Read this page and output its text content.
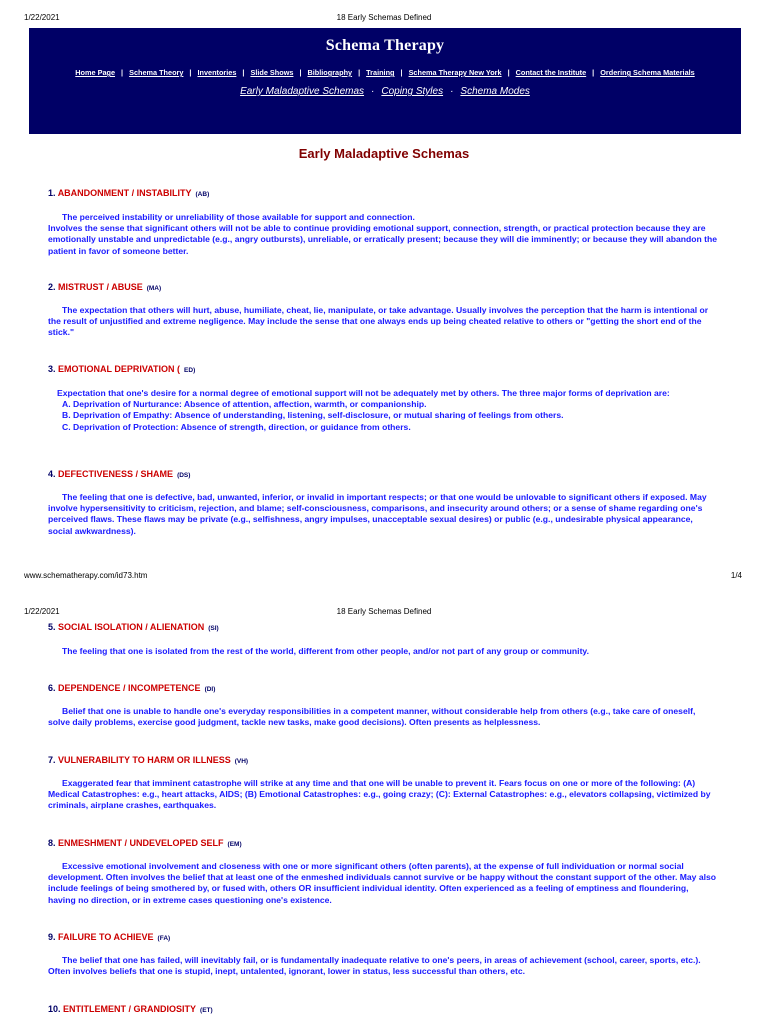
1/22/2021	18 Early Schemas Defined
Schema Therapy
Home Page | Schema Theory | Inventories | Slide Shows | Bibliography | Training | Schema Therapy New York | Contact the Institute | Ordering Schema Materials
Early Maladaptive Schemas · Coping Styles · Schema Modes
Early Maladaptive Schemas
1. ABANDONMENT / INSTABILITY (AB)

The perceived instability or unreliability of those available for support and connection.

Involves the sense that significant others will not be able to continue providing emotional support, connection, strength, or practical protection because they are emotionally unstable and unpredictable (e.g., angry outbursts), unreliable, or erratically present; because they will die imminently; or because they will abandon the patient in favor of someone better.

2. MISTRUST / ABUSE (MA)

The expectation that others will hurt, abuse, humiliate, cheat, lie, manipulate, or take advantage. Usually involves the perception that the harm is intentional or the result of unjustified and extreme negligence. May include the sense that one always ends up being cheated relative to others or "getting the short end of the stick."

3. EMOTIONAL DEPRIVATION ( ED)

Expectation that one's desire for a normal degree of emotional support will not be adequately met by others. The three major forms of deprivation are:

A. Deprivation of Nurturance: Absence of attention, affection, warmth, or companionship.

B. Deprivation of Empathy: Absence of understanding, listening, self-disclosure, or mutual sharing of feelings from others.

C. Deprivation of Protection: Absence of strength, direction, or guidance from others.

4. DEFECTIVENESS / SHAME (DS)

The feeling that one is defective, bad, unwanted, inferior, or invalid in important respects; or that one would be unlovable to significant others if exposed. May involve hypersensitivity to criticism, rejection, and blame; self-consciousness, comparisons, and insecurity around others; or a sense of shame regarding one's perceived flaws. These flaws may be private (e.g., selfishness, angry impulses, unacceptable sexual desires) or public (e.g., undesirable physical appearance, social awkwardness).

www.schematherapy.com/id73.htm	1/4
1/22/2021	18 Early Schemas Defined
5. SOCIAL ISOLATION / ALIENATION (SI)

The feeling that one is isolated from the rest of the world, different from other people, and/or not part of any group or community.

6. DEPENDENCE / INCOMPETENCE (DI)

Belief that one is unable to handle one's everyday responsibilities in a competent manner, without considerable help from others (e.g., take care of oneself, solve daily problems, exercise good judgment, tackle new tasks, make good decisions). Often presents as helplessness.

7. VULNERABILITY TO HARM OR ILLNESS (VH)

Exaggerated fear that imminent catastrophe will strike at any time and that one will be unable to prevent it. Fears focus on one or more of the following: (A) Medical Catastrophes: e.g., heart attacks, AIDS; (B) Emotional Catastrophes: e.g., going crazy; (C): External Catastrophes: e.g., elevators collapsing, victimized by criminals, airplane crashes, earthquakes.

8. ENMESHMENT / UNDEVELOPED SELF (EM)

Excessive emotional involvement and closeness with one or more significant others (often parents), at the expense of full individuation or normal social development. Often involves the belief that at least one of the enmeshed individuals cannot survive or be happy without the constant support of the other. May also include feelings of being smothered by, or fused with, others OR insufficient individual identity. Often experienced as a feeling of emptiness and floundering, having no direction, or in extreme cases questioning one's existence.

9. FAILURE TO ACHIEVE (FA)

The belief that one has failed, will inevitably fail, or is fundamentally inadequate relative to one's peers, in areas of achievement (school, career, sports, etc.). Often involves beliefs that one is stupid, inept, untalented, ignorant, lower in status, less successful than others, etc.

10. ENTITLEMENT / GRANDIOSITY (ET)
